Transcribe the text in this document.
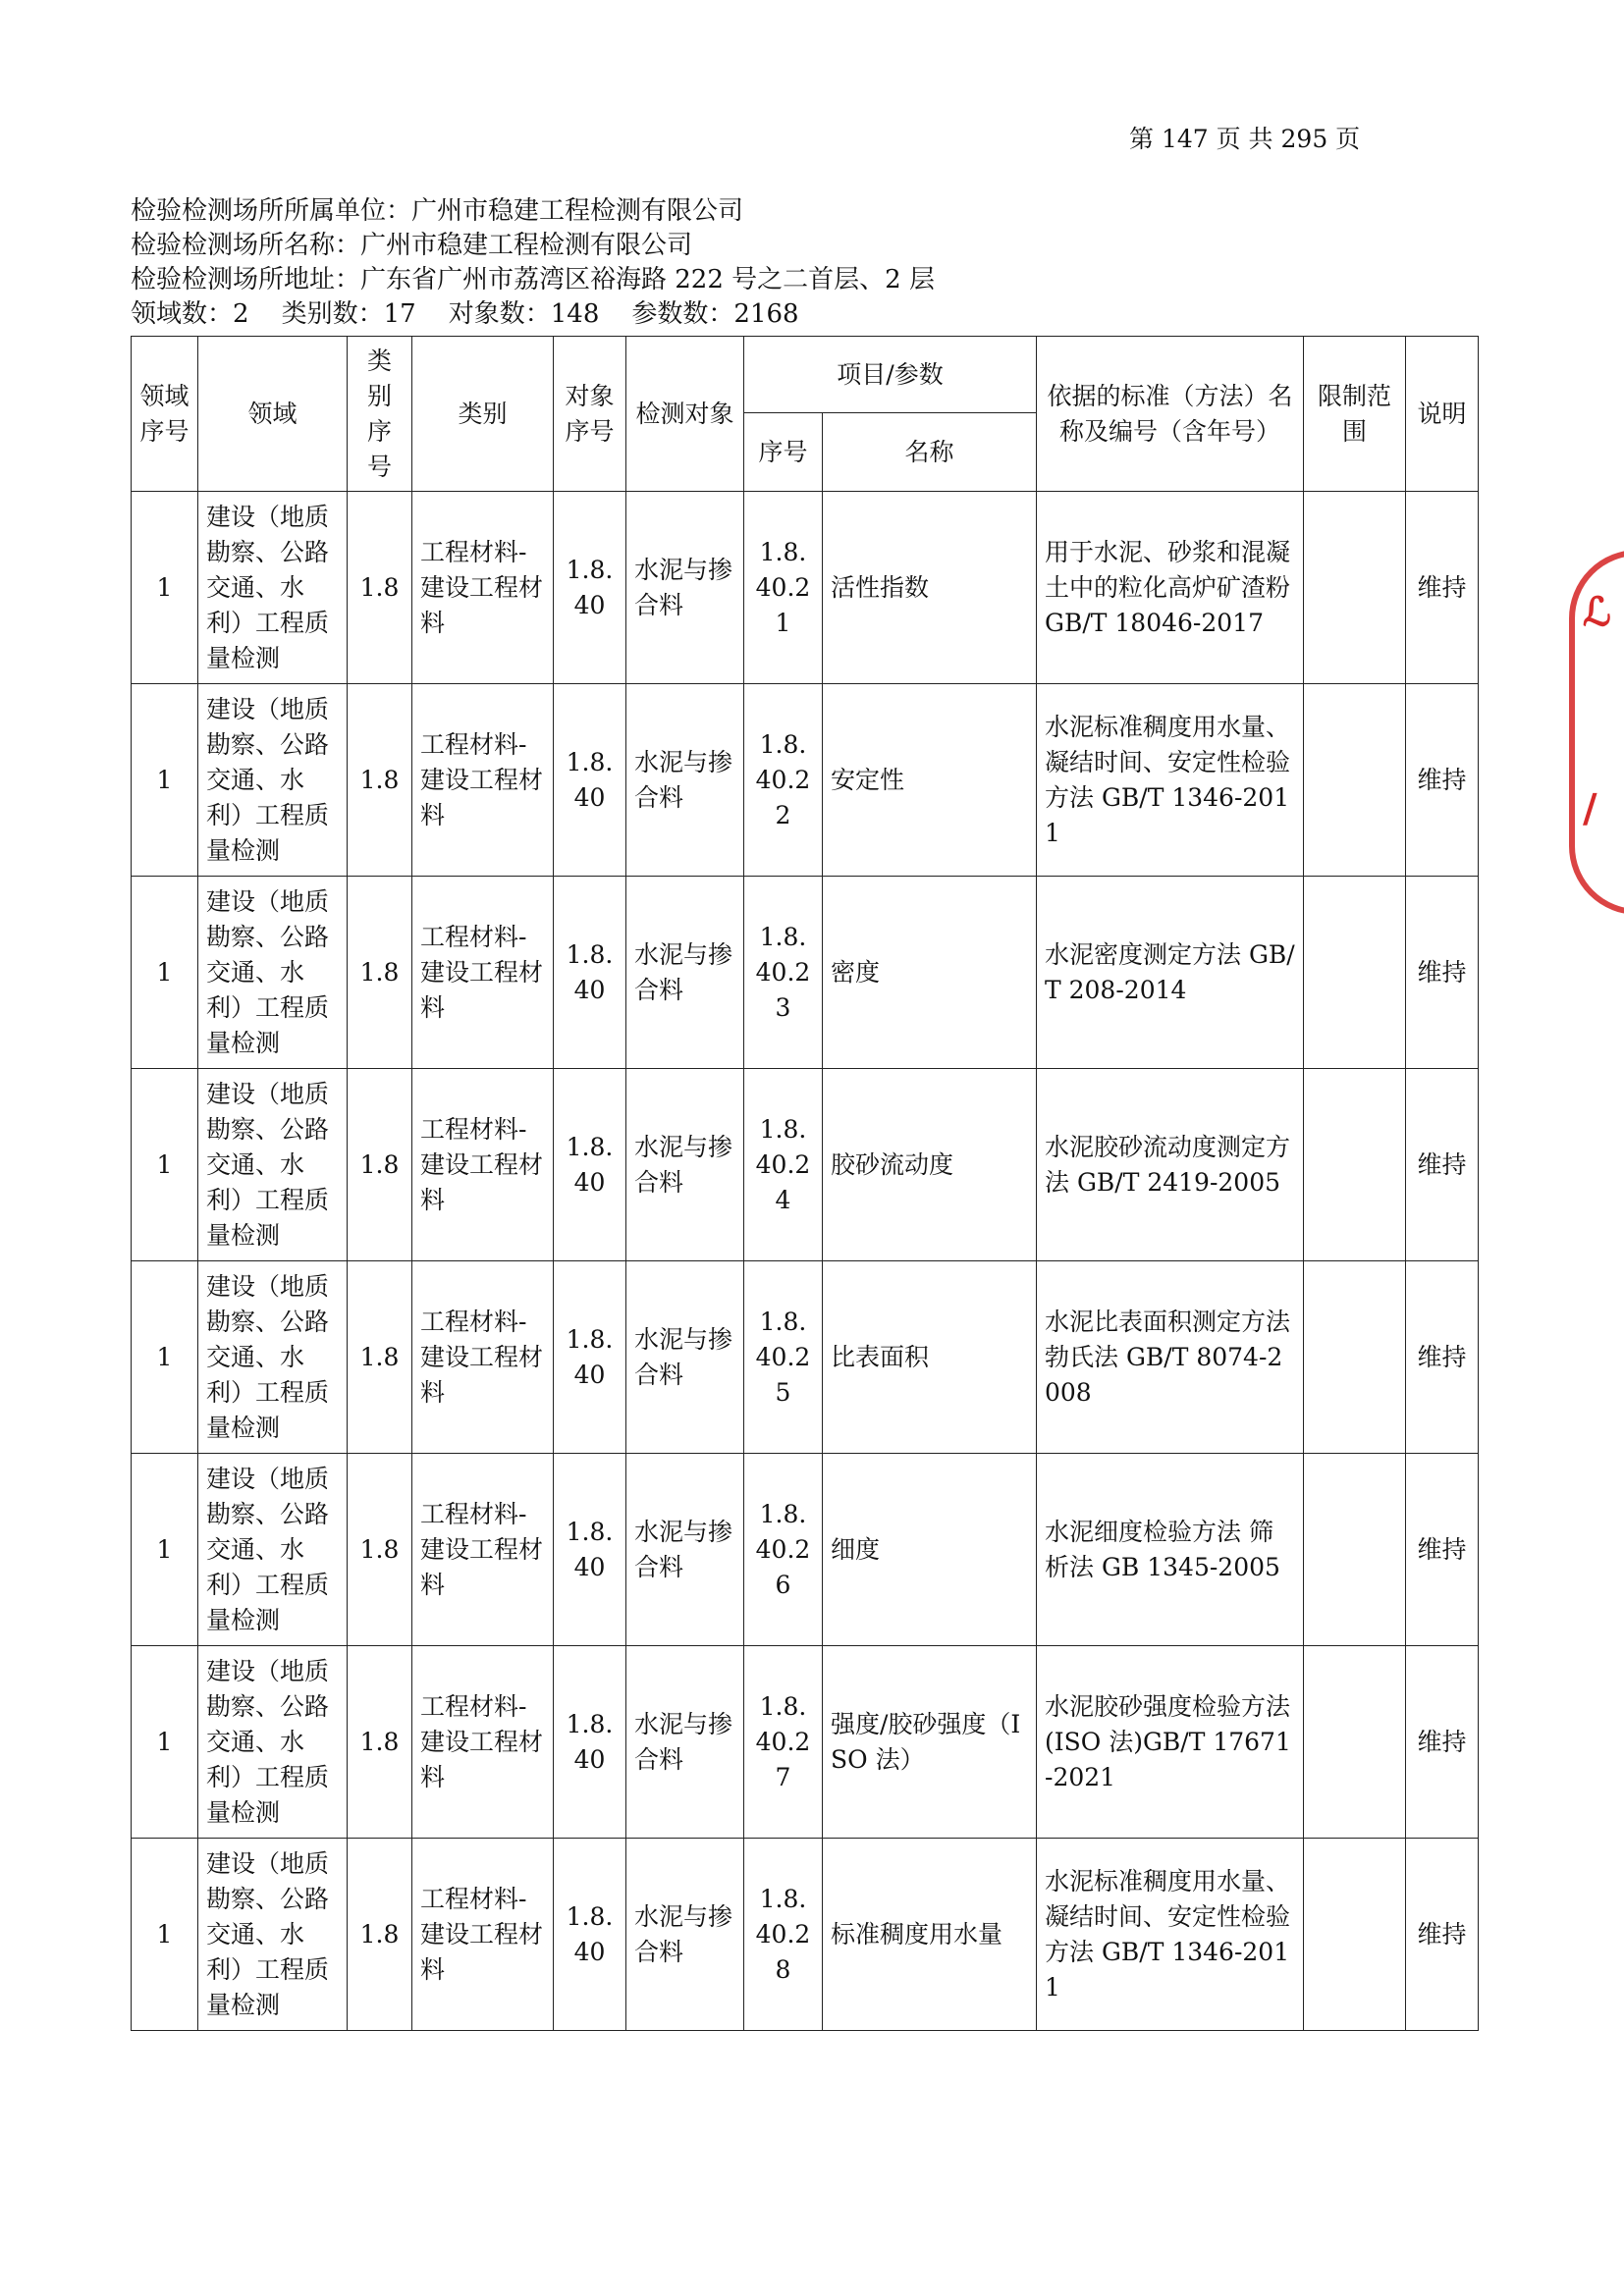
第 147 页 共 295 页
检验检测场所所属单位：广州市稳建工程检测有限公司
检验检测场所名称：广州市稳建工程检测有限公司
检验检测场所地址：广东省广州市荔湾区裕海路 222 号之二首层、2 层
领域数：2    类别数：17    对象数：148    参数数：2168
领域序号	领域	类别序号	类别	对象序号	检测对象	项目/参数		依据的标准（方法）名称及编号（含年号）	限制范围	说明
						序号	名称			
1	建设（地质勘察、公路交通、水利）工程质量检测	1.8	工程材料-建设工程材料	1.8.40	水泥与掺合料	1.8.40.21	活性指数	用于水泥、砂浆和混凝土中的粒化高炉矿渣粉 GB/T 18046-2017		维持
1	建设（地质勘察、公路交通、水利）工程质量检测	1.8	工程材料-建设工程材料	1.8.40	水泥与掺合料	1.8.40.22	安定性	水泥标准稠度用水量、凝结时间、安定性检验方法 GB/T 1346-2011		维持
1	建设（地质勘察、公路交通、水利）工程质量检测	1.8	工程材料-建设工程材料	1.8.40	水泥与掺合料	1.8.40.23	密度	水泥密度测定方法 GB/T 208-2014		维持
1	建设（地质勘察、公路交通、水利）工程质量检测	1.8	工程材料-建设工程材料	1.8.40	水泥与掺合料	1.8.40.24	胶砂流动度	水泥胶砂流动度测定方法 GB/T 2419-2005		维持
1	建设（地质勘察、公路交通、水利）工程质量检测	1.8	工程材料-建设工程材料	1.8.40	水泥与掺合料	1.8.40.25	比表面积	水泥比表面积测定方法 勃氏法 GB/T 8074-2008		维持
1	建设（地质勘察、公路交通、水利）工程质量检测	1.8	工程材料-建设工程材料	1.8.40	水泥与掺合料	1.8.40.26	细度	水泥细度检验方法 筛析法 GB 1345-2005		维持
1	建设（地质勘察、公路交通、水利）工程质量检测	1.8	工程材料-建设工程材料	1.8.40	水泥与掺合料	1.8.40.27	强度/胶砂强度（ISO 法）	水泥胶砂强度检验方法(ISO 法)GB/T 17671-2021		维持
1	建设（地质勘察、公路交通、水利）工程质量检测	1.8	工程材料-建设工程材料	1.8.40	水泥与掺合料	1.8.40.28	标准稠度用水量	水泥标准稠度用水量、凝结时间、安定性检验方法 GB/T 1346-2011		维持
ℒ
∕
